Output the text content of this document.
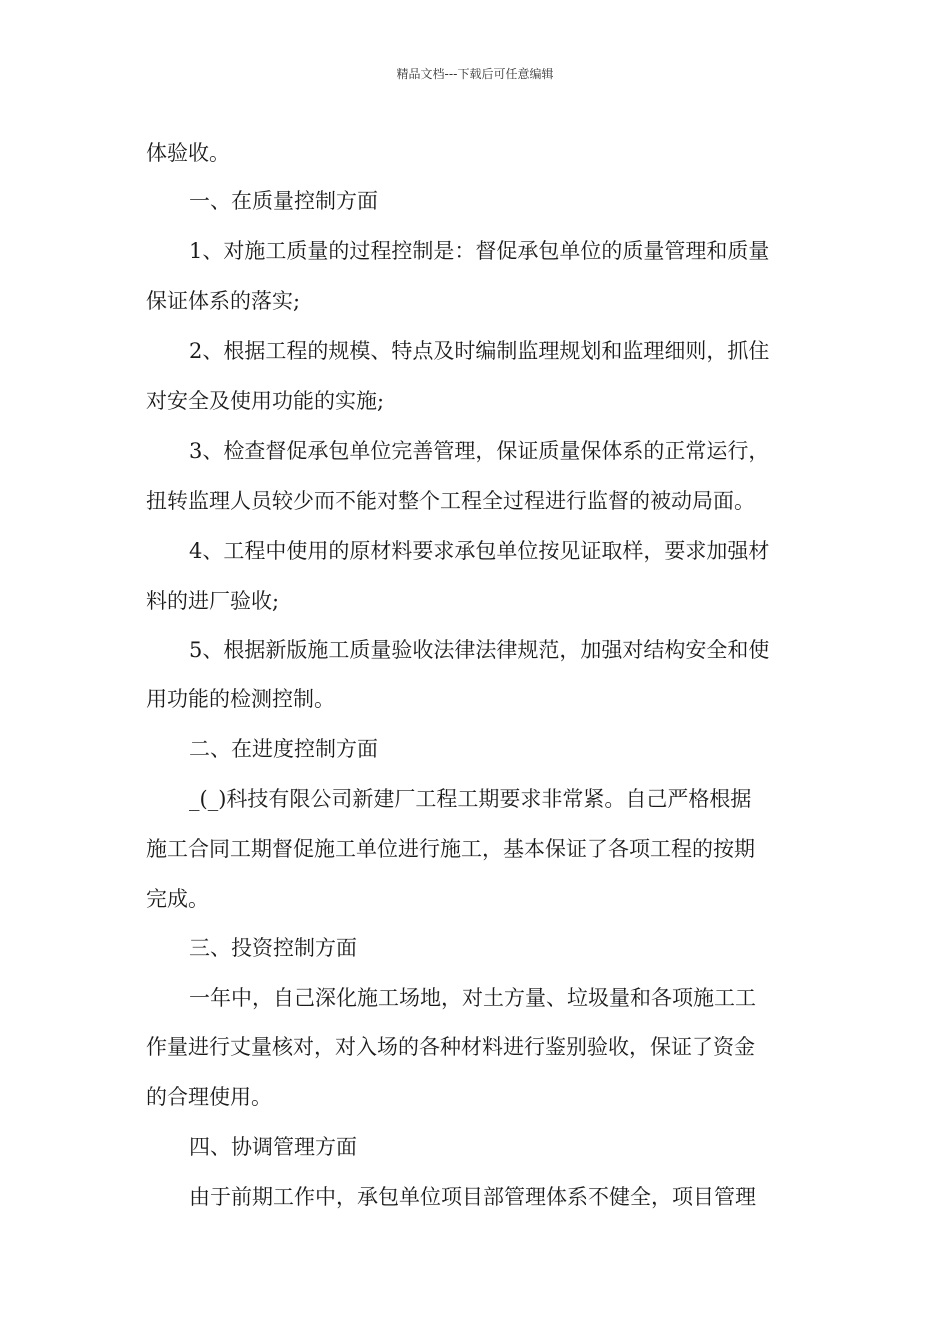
精品文档---下载后可任意编辑
体验收。
一、在质量控制方面
1、对施工质量的过程控制是：督促承包单位的质量管理和质量
保证体系的落实;
2、根据工程的规模、特点及时编制监理规划和监理细则，抓住
对安全及使用功能的实施;
3、检查督促承包单位完善管理，保证质量保体系的正常运行，
扭转监理人员较少而不能对整个工程全过程进行监督的被动局面。
4、工程中使用的原材料要求承包单位按见证取样，要求加强材
料的进厂验收;
5、根据新版施工质量验收法律法律规范，加强对结构安全和使
用功能的检测控制。
二、在进度控制方面
_(_)科技有限公司新建厂工程工期要求非常紧。自己严格根据
施工合同工期督促施工单位进行施工，基本保证了各项工程的按期
完成。
三、投资控制方面
一年中，自己深化施工场地，对土方量、垃圾量和各项施工工
作量进行丈量核对，对入场的各种材料进行鉴别验收，保证了资金
的合理使用。
四、协调管理方面
由于前期工作中，承包单位项目部管理体系不健全，项目管理
